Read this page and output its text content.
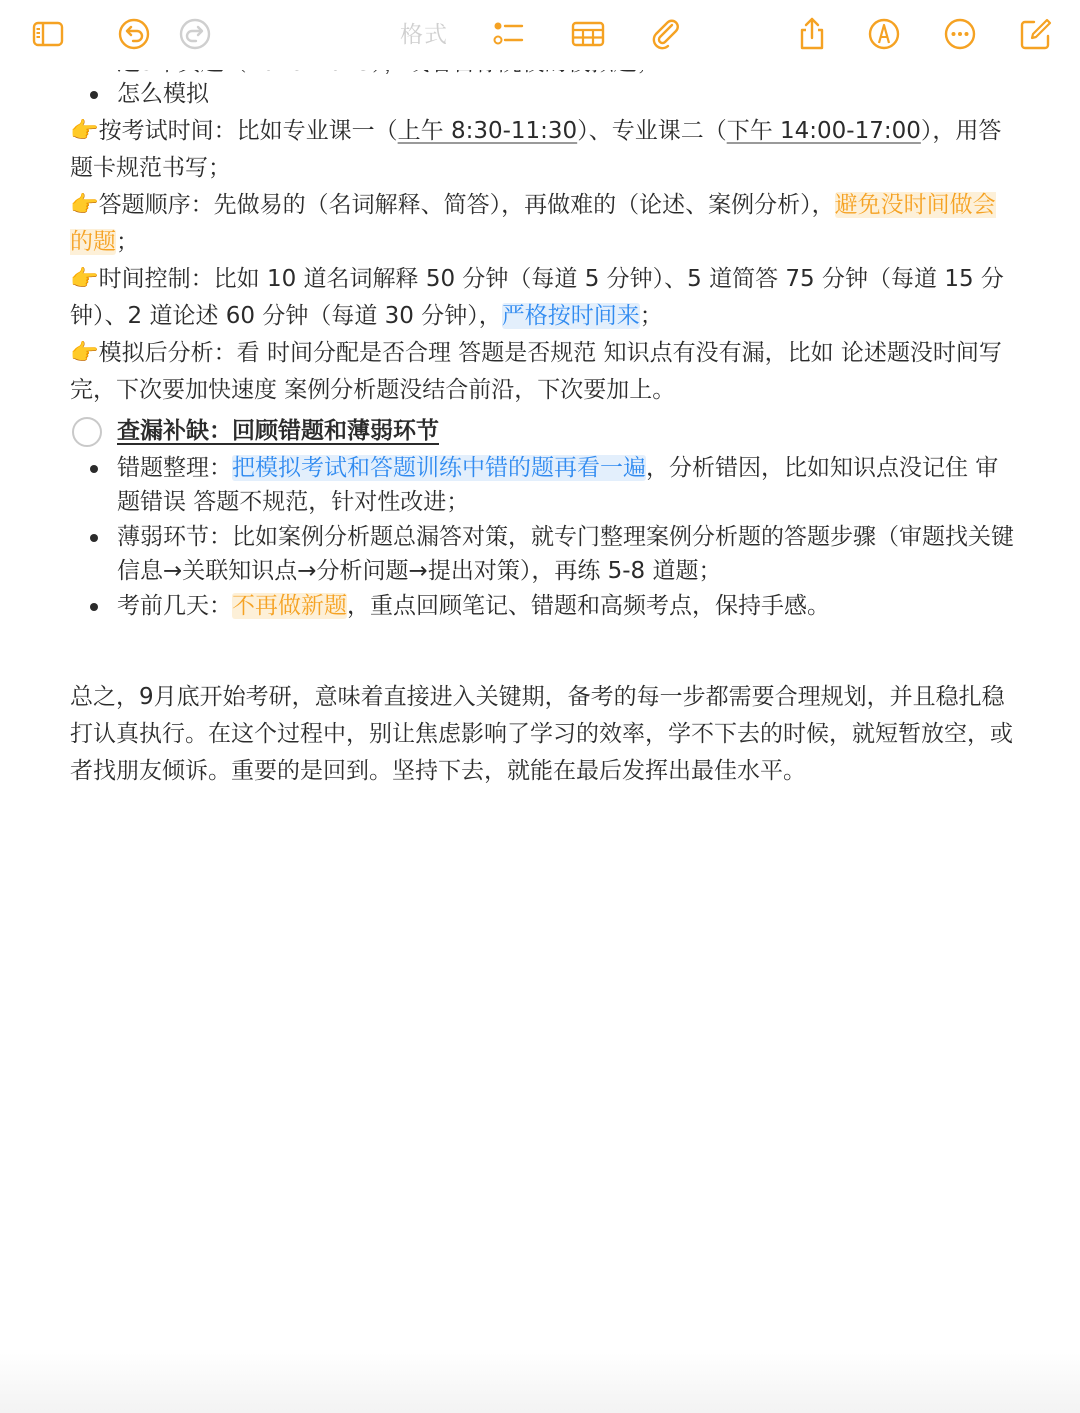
格式
怎么模拟
👉按考试时间：比如专业课一（上午 8:30-11:30）、专业课二（下午 14:00-17:00），用答题卡规范书写；
👉答题顺序：先做易的（名词解释、简答），再做难的（论述、案例分析），避免没时间做会的题；
👉时间控制：比如 10 道名词解释 50 分钟（每道 5 分钟）、5 道简答 75 分钟（每道 15 分钟）、2 道论述 60 分钟（每道 30 分钟），严格按时间来；
👉模拟后分析：看 时间分配是否合理 答题是否规范 知识点有没有漏，比如 论述题没时间写完，下次要加快速度 案例分析题没结合前沿，下次要加上。
查漏补缺：回顾错题和薄弱环节
错题整理：把模拟考试和答题训练中错的题再看一遍，分析错因，比如知识点没记住 审题错误 答题不规范，针对性改进；
薄弱环节：比如案例分析题总漏答对策，就专门整理案例分析题的答题步骤（审题找关键信息→关联知识点→分析问题→提出对策），再练 5-8 道题；
考前几天：不再做新题，重点回顾笔记、错题和高频考点，保持手感。
总之，9月底开始考研，意味着直接进入关键期，备考的每一步都需要合理规划，并且稳扎稳打认真执行。在这个过程中，别让焦虑影响了学习的效率，学不下去的时候，就短暂放空，或者找朋友倾诉。重要的是回到。坚持下去，就能在最后发挥出最佳水平。
